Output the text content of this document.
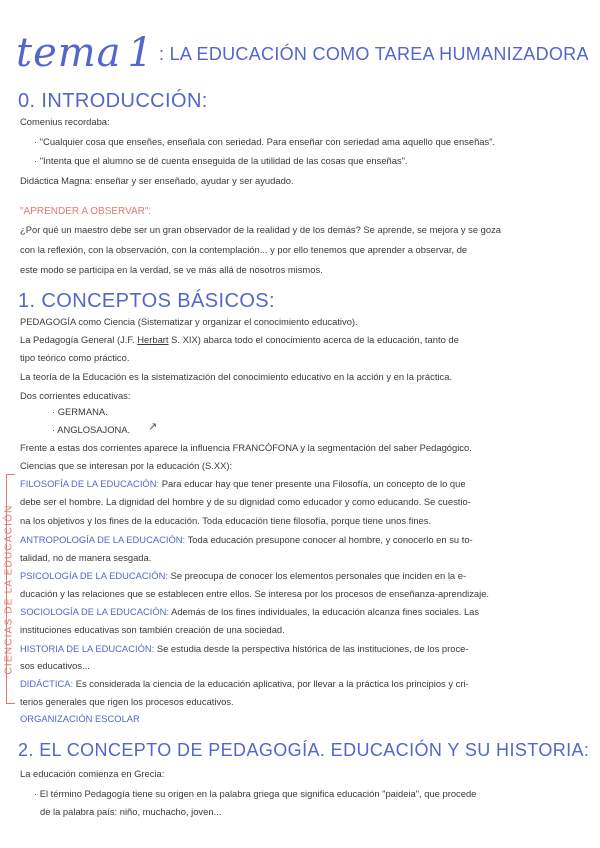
tema 1 : LA EDUCACIÓN COMO TAREA HUMANIZADORA
0. INTRODUCCIÓN:
Comenius recordaba:
· "Cualquier cosa que enseñes, enseñala con seriedad. Para enseñar con seriedad ama aquello que enseñas".
· "Intenta que el alumno se dé cuenta enseguida de la utilidad de las cosas que enseñas".
Didáctica Magna: enseñar y ser enseñado, ayudar y ser ayudado.
"APRENDER A OBSERVAR":
¿Por qué un maestro debe ser un gran observador de la realidad y de los demás? Se aprende, se mejora y se goza
con la reflexión, con la observación, con la contemplación... y por ello tenemos que aprender a observar, de
este modo se participa en la verdad, se ve más allá de nosotros mismos.
1. CONCEPTOS BÁSICOS:
PEDAGOGÍA como Ciencia (Sistematizar y organizar el conocimiento educativo).
La Pedagogía General (J.F. Herbart S. XIX) abarca todo el conocimiento acerca de la educación, tanto de
tipo teórico como práctico.
La teoría de la Educación es la sistematización del conocimiento educativo en la acción y en la práctica.
Dos corrientes educativas:
· GERMANA.
· ANGLOSAJONA. ↗
Frente a estas dos corrientes aparece la influencia FRANCÓFONA y la segmentación del saber Pedagógico.
Ciencias que se interesan por la educación (S.XX):
CIENCIAS DE LA EDUCACIÓN
FILOSOFÍA DE LA EDUCACIÓN: Para educar hay que tener presente una Filosofía, un concepto de lo que
debe ser el hombre. La dignidad del hombre y de su dignidad como educador y como educando. Se cuestio-
na los objetivos y los fines de la educación. Toda educación tiene filosofía, porque tiene unos fines.
ANTROPOLOGÍA DE LA EDUCACIÓN: Toda educación presupone conocer al hombre, y conocerlo en su to-
talidad, no de manera sesgada.
PSICOLOGÍA DE LA EDUCACIÓN: Se preocupa de conocer los elementos personales que inciden en la e-
ducación y las relaciones que se establecen entre ellos. Se interesa por los procesos de enseñanza-aprendizaje.
SOCIOLOGÍA DE LA EDUCACIÓN: Además de los fines individuales, la educación alcanza fines sociales. Las
instituciones educativas son también creación de una sociedad.
HISTORIA DE LA EDUCACIÓN: Se estudia desde la perspectiva histórica de las instituciones, de los proce-
sos educativos...
DIDÁCTICA: Es considerada la ciencia de la educación aplicativa, por llevar a la práctica los principios y cri-
terios generales que rigen los procesos educativos.
ORGANIZACIÓN ESCOLAR
2. EL CONCEPTO DE PEDAGOGÍA. EDUCACIÓN Y SU HISTORIA:
La educación comienza en Grecia:
· El término Pedagogía tiene su origen en la palabra griega que significa educación "paideia", que procede
de la palabra país: niño, muchacho, joven...
